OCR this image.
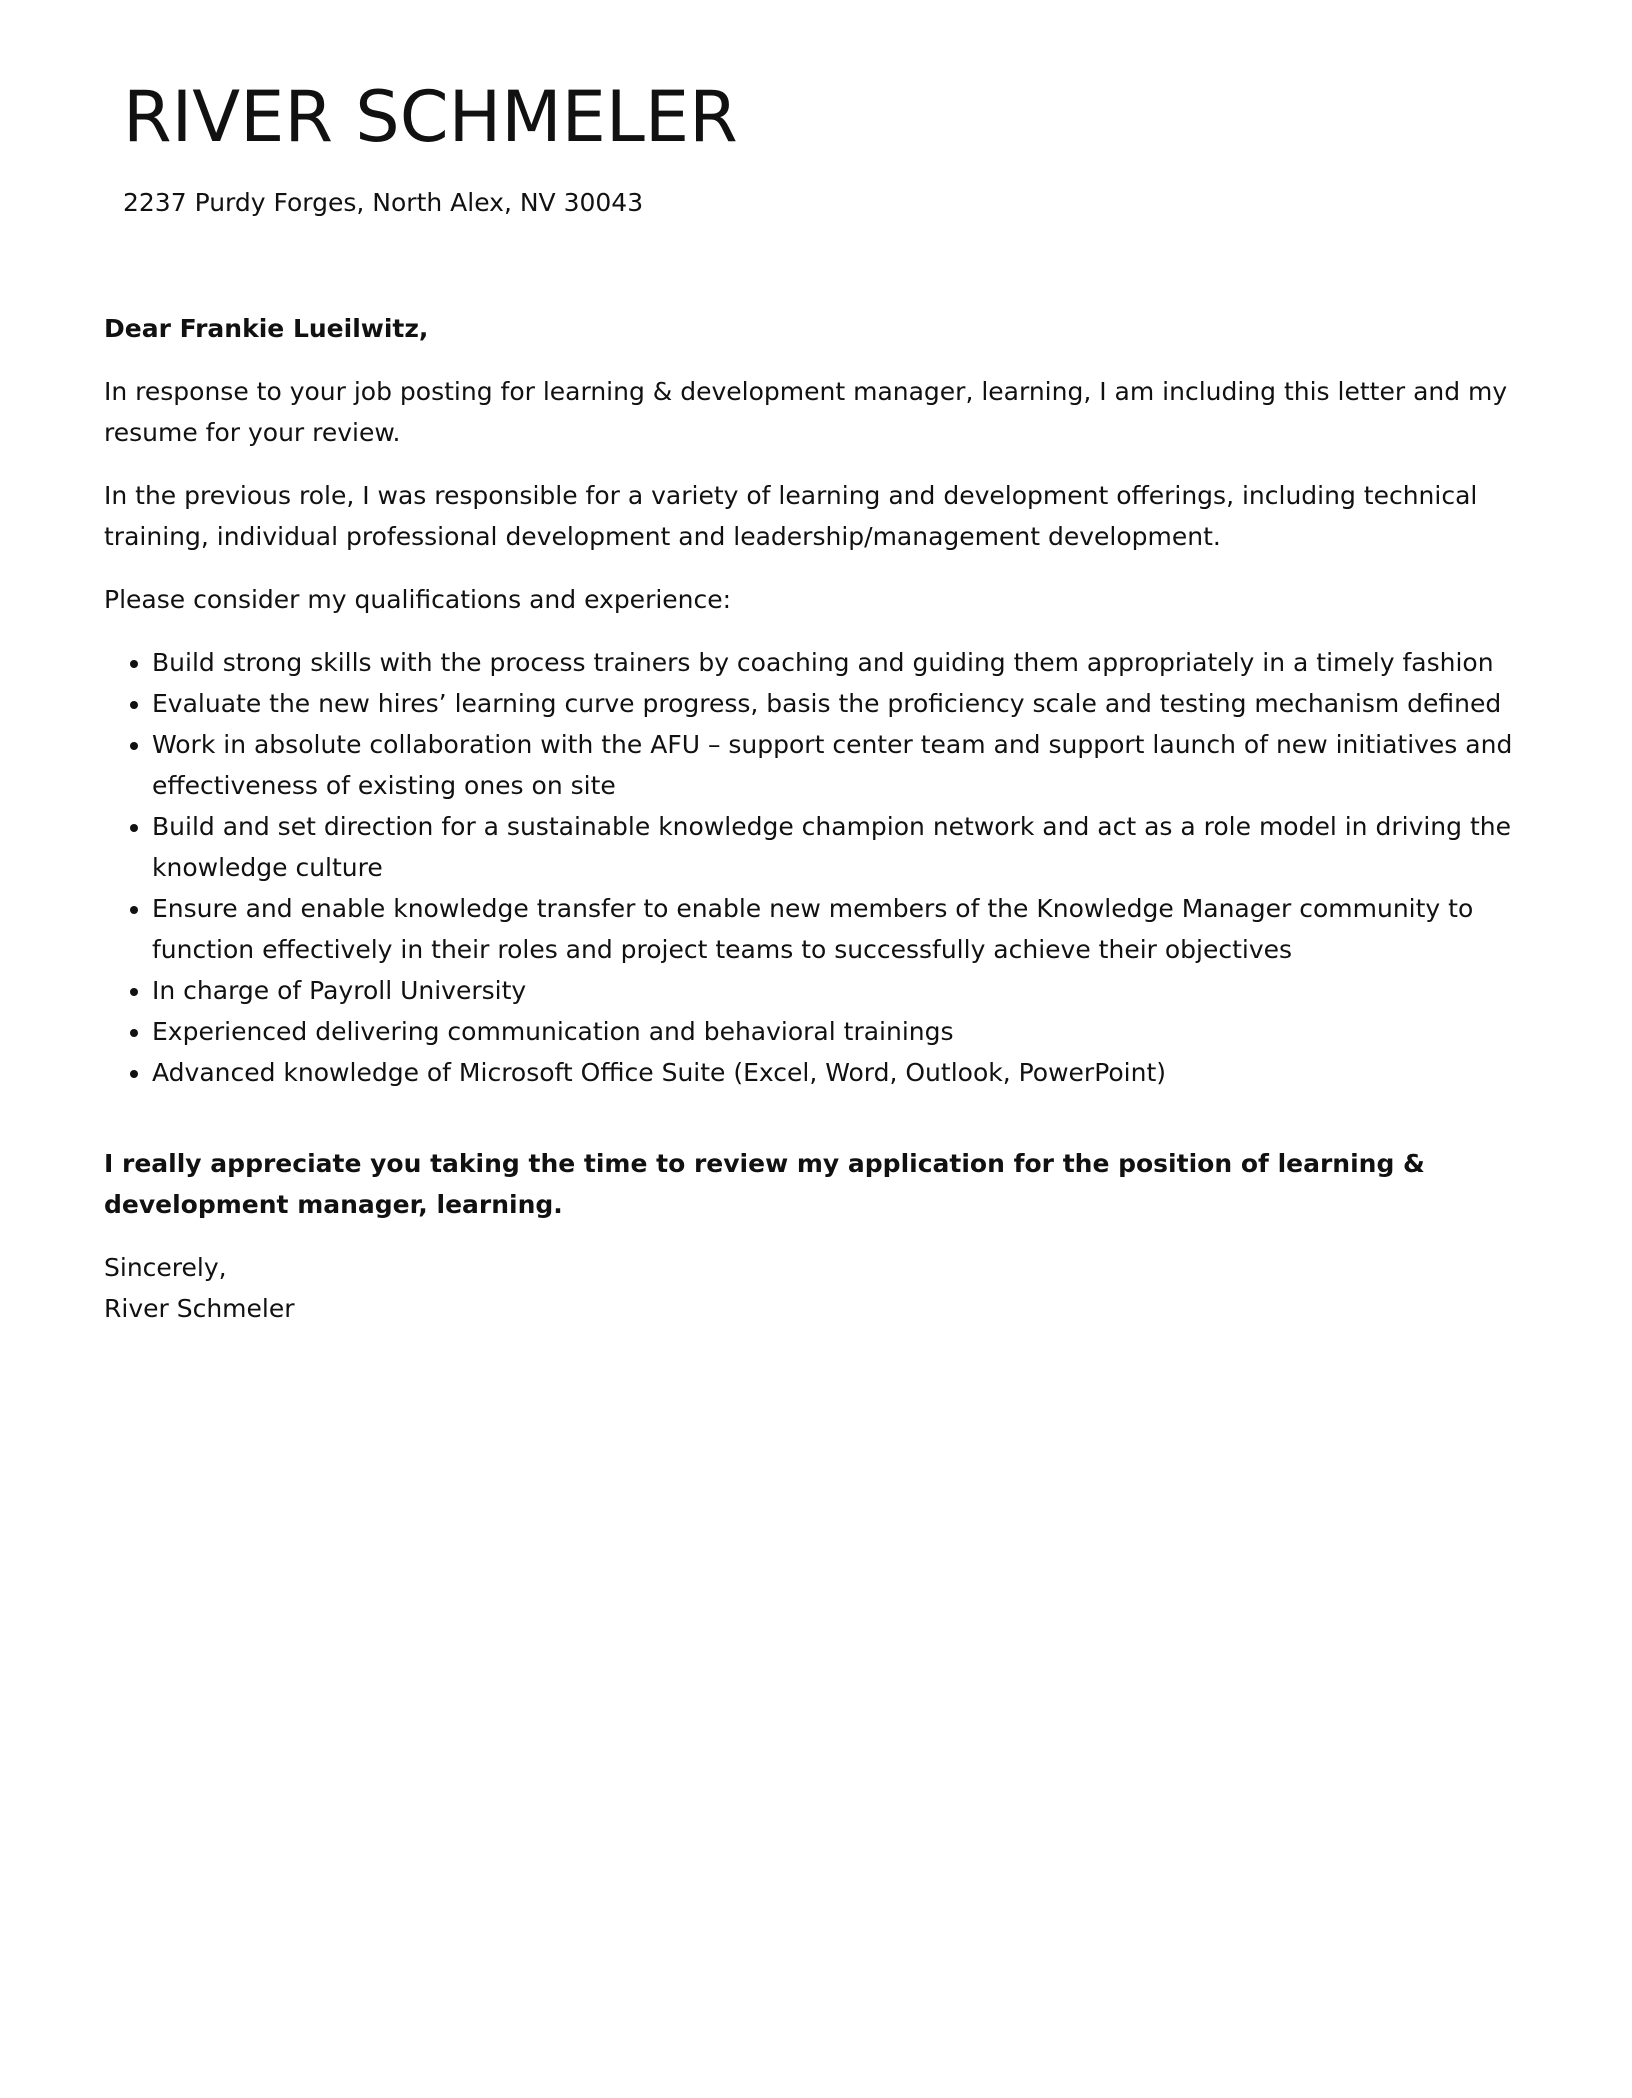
RIVER SCHMELER
2237 Purdy Forges, North Alex, NV 30043

Dear Frankie Lueilwitz,

In response to your job posting for learning & development manager, learning, I am including this letter and my resume for your review.

In the previous role, I was responsible for a variety of learning and development offerings, including technical training, individual professional development and leadership/management development.

Please consider my qualifications and experience:

• Build strong skills with the process trainers by coaching and guiding them appropriately in a timely fashion
• Evaluate the new hires’ learning curve progress, basis the proficiency scale and testing mechanism defined
• Work in absolute collaboration with the AFU – support center team and support launch of new initiatives and effectiveness of existing ones on site
• Build and set direction for a sustainable knowledge champion network and act as a role model in driving the knowledge culture
• Ensure and enable knowledge transfer to enable new members of the Knowledge Manager community to function effectively in their roles and project teams to successfully achieve their objectives
• In charge of Payroll University
• Experienced delivering communication and behavioral trainings
• Advanced knowledge of Microsoft Office Suite (Excel, Word, Outlook, PowerPoint)

I really appreciate you taking the time to review my application for the position of learning & development manager, learning.

Sincerely,
River Schmeler
